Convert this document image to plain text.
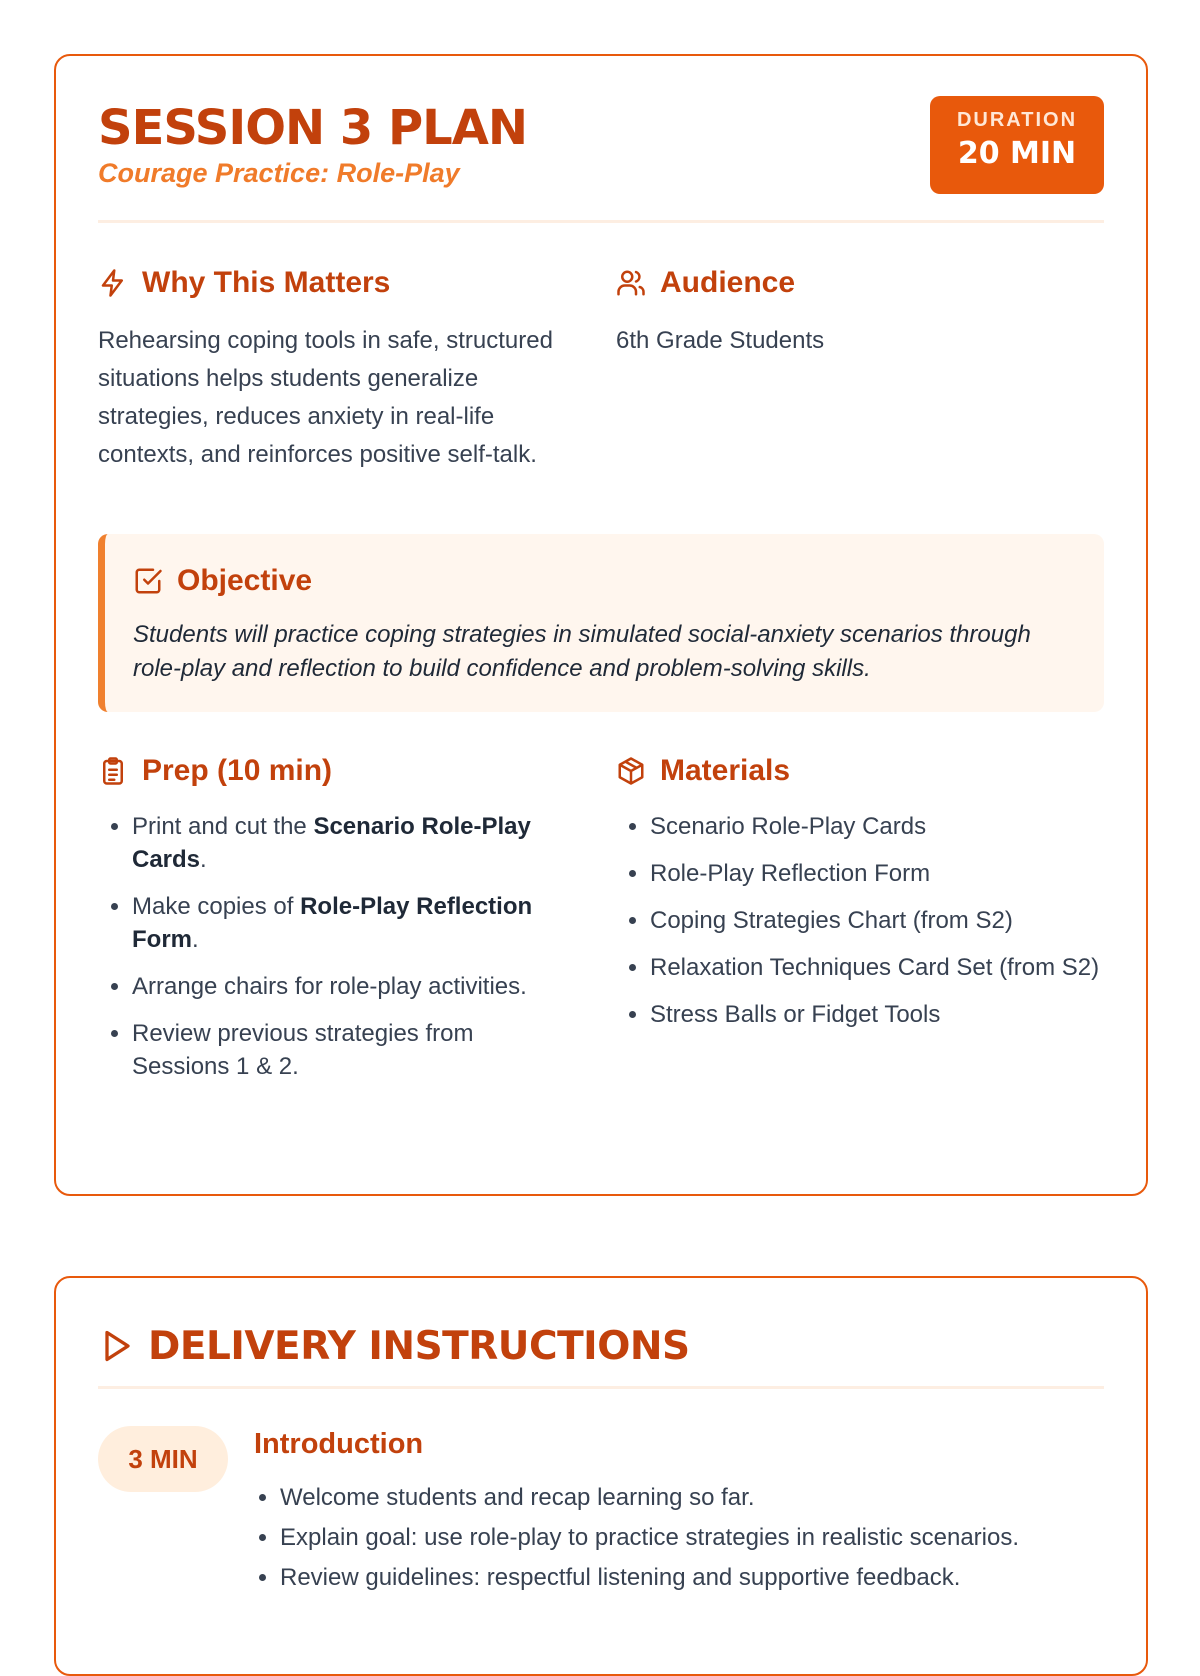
SESSION 3 PLAN
Courage Practice: Role-Play
DURATION
20 MIN
Why This Matters
Rehearsing coping tools in safe, structured situations helps students generalize strategies, reduces anxiety in real-life contexts, and reinforces positive self-talk.
Audience
6th Grade Students
Objective
Students will practice coping strategies in simulated social-anxiety scenarios through role-play and reflection to build confidence and problem-solving skills.
Prep (10 min)
• Print and cut the Scenario Role-Play Cards.
• Make copies of Role-Play Reflection Form.
• Arrange chairs for role-play activities.
• Review previous strategies from Sessions 1 & 2.
Materials
• Scenario Role-Play Cards
• Role-Play Reflection Form
• Coping Strategies Chart (from S2)
• Relaxation Techniques Card Set (from S2)
• Stress Balls or Fidget Tools
DELIVERY INSTRUCTIONS
3 MIN	Introduction
• Welcome students and recap learning so far.
• Explain goal: use role-play to practice strategies in realistic scenarios.
• Review guidelines: respectful listening and supportive feedback.
